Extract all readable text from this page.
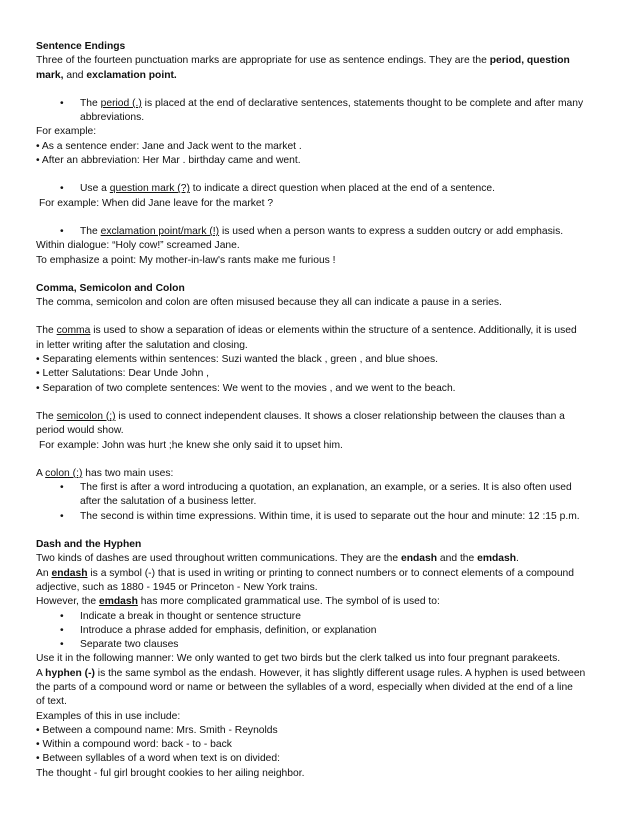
Sentence Endings
Three of the fourteen punctuation marks are appropriate for use as sentence endings. They are the period, question
mark, and exclamation point.
• The period (.) is placed at the end of declarative sentences, statements thought to be complete and after many
abbreviations.
For example:
• As a sentence ender: Jane and Jack went to the market .
• After an abbreviation: Her Mar . birthday came and went.
• Use a question mark (?) to indicate a direct question when placed at the end of a sentence.
For example: When did Jane leave for the market ?
• The exclamation point/mark (!) is used when a person wants to express a sudden outcry or add emphasis.
Within dialogue: “Holy cow!” screamed Jane.
To emphasize a point: My mother-in-law's rants make me furious !
Comma, Semicolon and Colon
The comma, semicolon and colon are often misused because they all can indicate a pause in a series.
The comma is used to show a separation of ideas or elements within the structure of a sentence. Additionally, it is used
in letter writing after the salutation and closing.
• Separating elements within sentences: Suzi wanted the black , green , and blue shoes.
• Letter Salutations: Dear Unde John ,
• Separation of two complete sentences: We went to the movies , and we went to the beach.
The semicolon (;) is used to connect independent clauses. It shows a closer relationship between the clauses than a
period would show.
For example: John was hurt ;he knew she only said it to upset him.
A colon (:) has two main uses:
• The first is after a word introducing a quotation, an explanation, an example, or a series. It is also often used
after the salutation of a business letter.
• The second is within time expressions. Within time, it is used to separate out the hour and minute: 12 :15 p.m.
Dash and the Hyphen
Two kinds of dashes are used throughout written communications. They are the endash and the emdash.
An endash is a symbol (-) that is used in writing or printing to connect numbers or to connect elements of a compound
adjective, such as 1880 - 1945 or Princeton - New York trains.
However, the emdash has more complicated grammatical use. The symbol of is used to:
• Indicate a break in thought or sentence structure
• Introduce a phrase added for emphasis, definition, or explanation
• Separate two clauses
Use it in the following manner: We only wanted to get two birds but the clerk talked us into four pregnant parakeets.
A hyphen (-) is the same symbol as the endash. However, it has slightly different usage rules. A hyphen is used between
the parts of a compound word or name or between the syllables of a word, especially when divided at the end of a line
of text.
Examples of this in use include:
• Between a compound name: Mrs. Smith - Reynolds
• Within a compound word: back - to - back
• Between syllables of a word when text is on divided:
The thought - ful girl brought cookies to her ailing neighbor.
